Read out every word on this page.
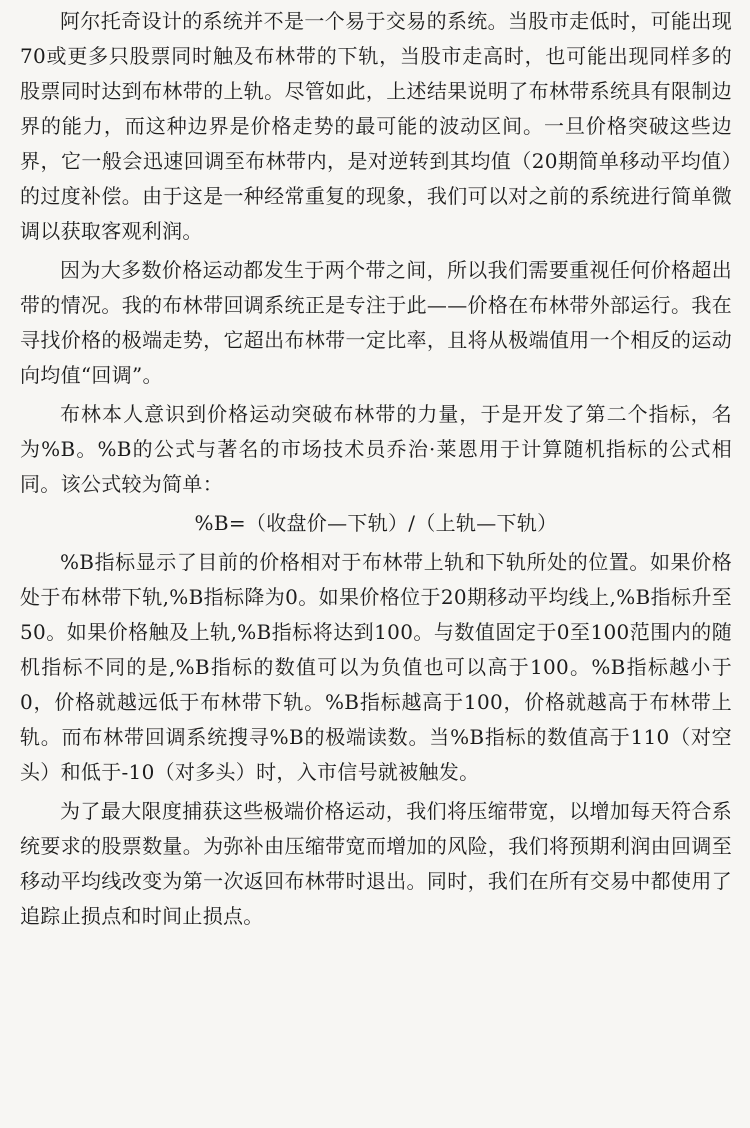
阿尔托奇设计的系统并不是一个易于交易的系统。当股市走低时，可能出现70或更多只股票同时触及布林带的下轨，当股市走高时，也可能出现同样多的股票同时达到布林带的上轨。尽管如此，上述结果说明了布林带系统具有限制边界的能力，而这种边界是价格走势的最可能的波动区间。一旦价格突破这些边界，它一般会迅速回调至布林带内，是对逆转到其均值（20期简单移动平均值）的过度补偿。由于这是一种经常重复的现象，我们可以对之前的系统进行简单微调以获取客观利润。

因为大多数价格运动都发生于两个带之间，所以我们需要重视任何价格超出带的情况。我的布林带回调系统正是专注于此——价格在布林带外部运行。我在寻找价格的极端走势，它超出布林带一定比率，且将从极端值用一个相反的运动向均值“回调”。

布林本人意识到价格运动突破布林带的力量，于是开发了第二个指标，名为%B。%B的公式与著名的市场技术员乔治·莱恩用于计算随机指标的公式相同。该公式较为简单：

%B=（收盘价—下轨）/（上轨—下轨）

%B指标显示了目前的价格相对于布林带上轨和下轨所处的位置。如果价格处于布林带下轨,%B指标降为0。如果价格位于20期移动平均线上,%B指标升至50。如果价格触及上轨,%B指标将达到100。与数值固定于0至100范围内的随机指标不同的是,%B指标的数值可以为负值也可以高于100。%B指标越小于0，价格就越远低于布林带下轨。%B指标越高于100，价格就越高于布林带上轨。而布林带回调系统搜寻%B的极端读数。当%B指标的数值高于110（对空头）和低于-10（对多头）时，入市信号就被触发。

为了最大限度捕获这些极端价格运动，我们将压缩带宽，以增加每天符合系统要求的股票数量。为弥补由压缩带宽而增加的风险，我们将预期利润由回调至移动平均线改变为第一次返回布林带时退出。同时，我们在所有交易中都使用了追踪止损点和时间止损点。
